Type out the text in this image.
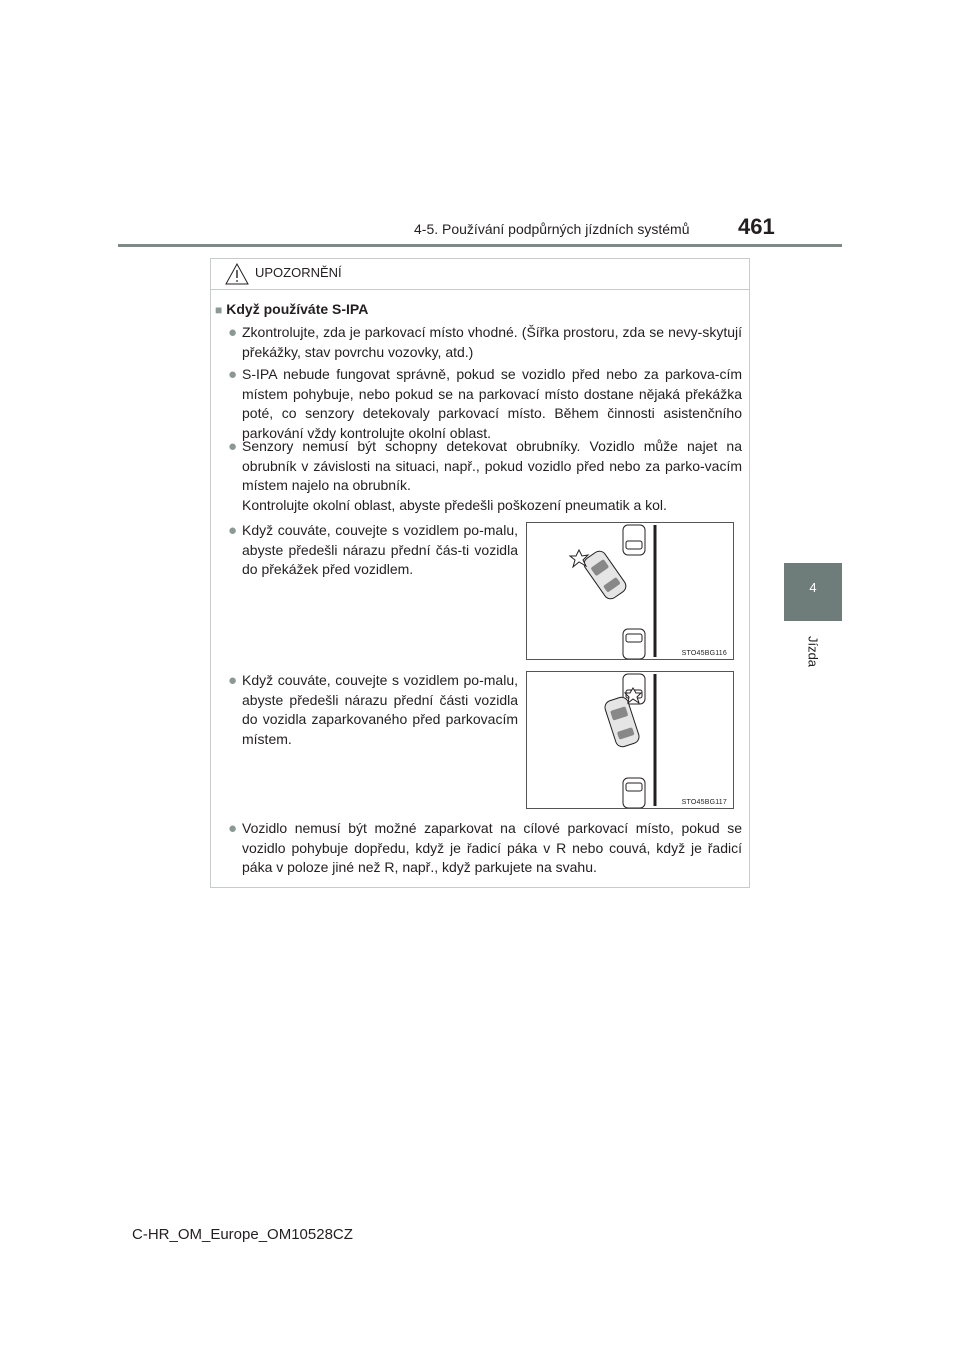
4-5. Používání podpůrných jízdních systémů 461
4
Jízda
UPOZORNĚNÍ
■ Když používáte S-IPA
● Zkontrolujte, zda je parkovací místo vhodné. (Šířka prostoru, zda se nevy-skytují překážky, stav povrchu vozovky, atd.)
● S-IPA nebude fungovat správně, pokud se vozidlo před nebo za parkova-cím místem pohybuje, nebo pokud se na parkovací místo dostane nějaká překážka poté, co senzory detekovaly parkovací místo. Během činnosti asistenčního parkování vždy kontrolujte okolní oblast.
● Senzory nemusí být schopny detekovat obrubníky. Vozidlo může najet na obrubník v závislosti na situaci, např., pokud vozidlo před nebo za parko-vacím místem najelo na obrubník.
Kontrolujte okolní oblast, abyste předešli poškození pneumatik a kol.
● Když couváte, couvejte s vozidlem po-malu, abyste předešli nárazu přední čás-ti vozidla do překážek před vozidlem.
● Když couváte, couvejte s vozidlem po-malu, abyste předešli nárazu přední části vozidla do vozidla zaparkovaného před parkovacím místem.
● Vozidlo nemusí být možné zaparkovat na cílové parkovací místo, pokud se vozidlo pohybuje dopředu, když je řadicí páka v R nebo couvá, když je řadicí páka v poloze jiné než R, např., když parkujete na svahu.
STO45BG116
STO45BG117
C-HR_OM_Europe_OM10528CZ
